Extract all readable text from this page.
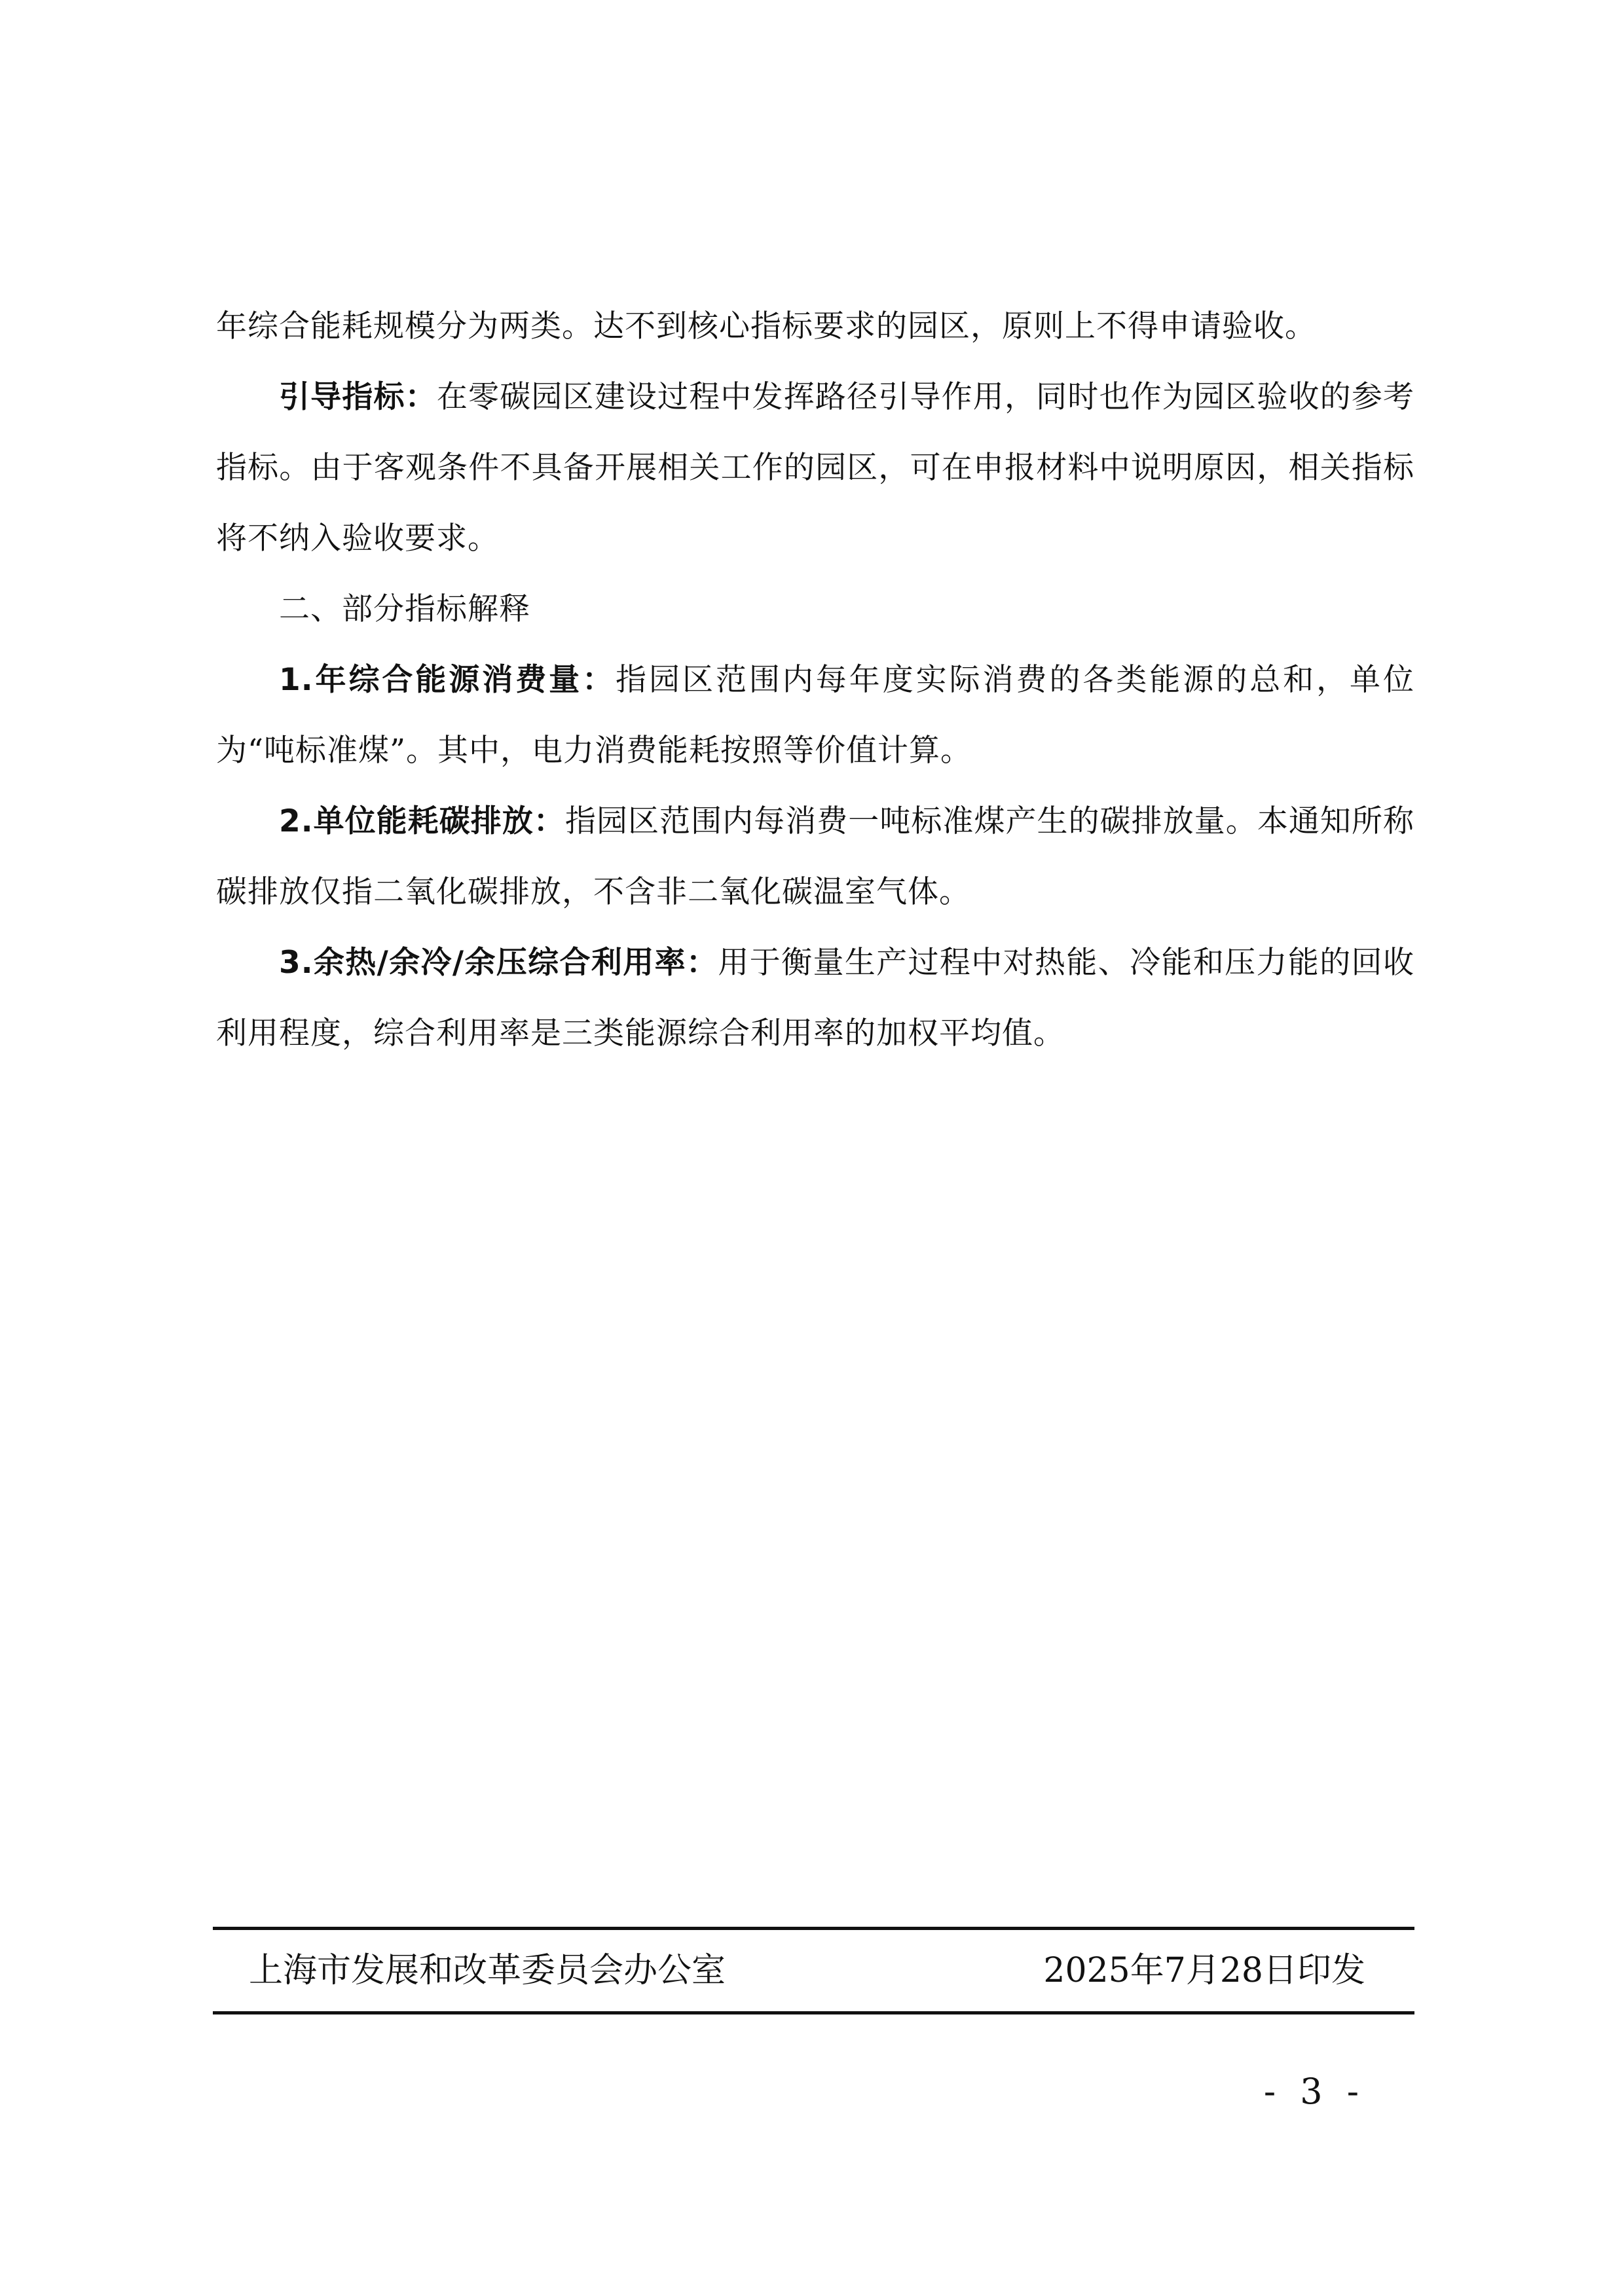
年综合能耗规模分为两类。达不到核心指标要求的园区，原则上不得申请验收。

引导指标：在零碳园区建设过程中发挥路径引导作用，同时也作为园区验收的参考指标。由于客观条件不具备开展相关工作的园区，可在申报材料中说明原因，相关指标将不纳入验收要求。

二、部分指标解释

1.年综合能源消费量：指园区范围内每年度实际消费的各类能源的总和，单位为“吨标准煤”。其中，电力消费能耗按照等价值计算。

2.单位能耗碳排放：指园区范围内每消费一吨标准煤产生的碳排放量。本通知所称碳排放仅指二氧化碳排放，不含非二氧化碳温室气体。

3.余热/余冷/余压综合利用率：用于衡量生产过程中对热能、冷能和压力能的回收利用程度，综合利用率是三类能源综合利用率的加权平均值。

上海市发展和改革委员会办公室	2025年7月28日印发
- 3 -
